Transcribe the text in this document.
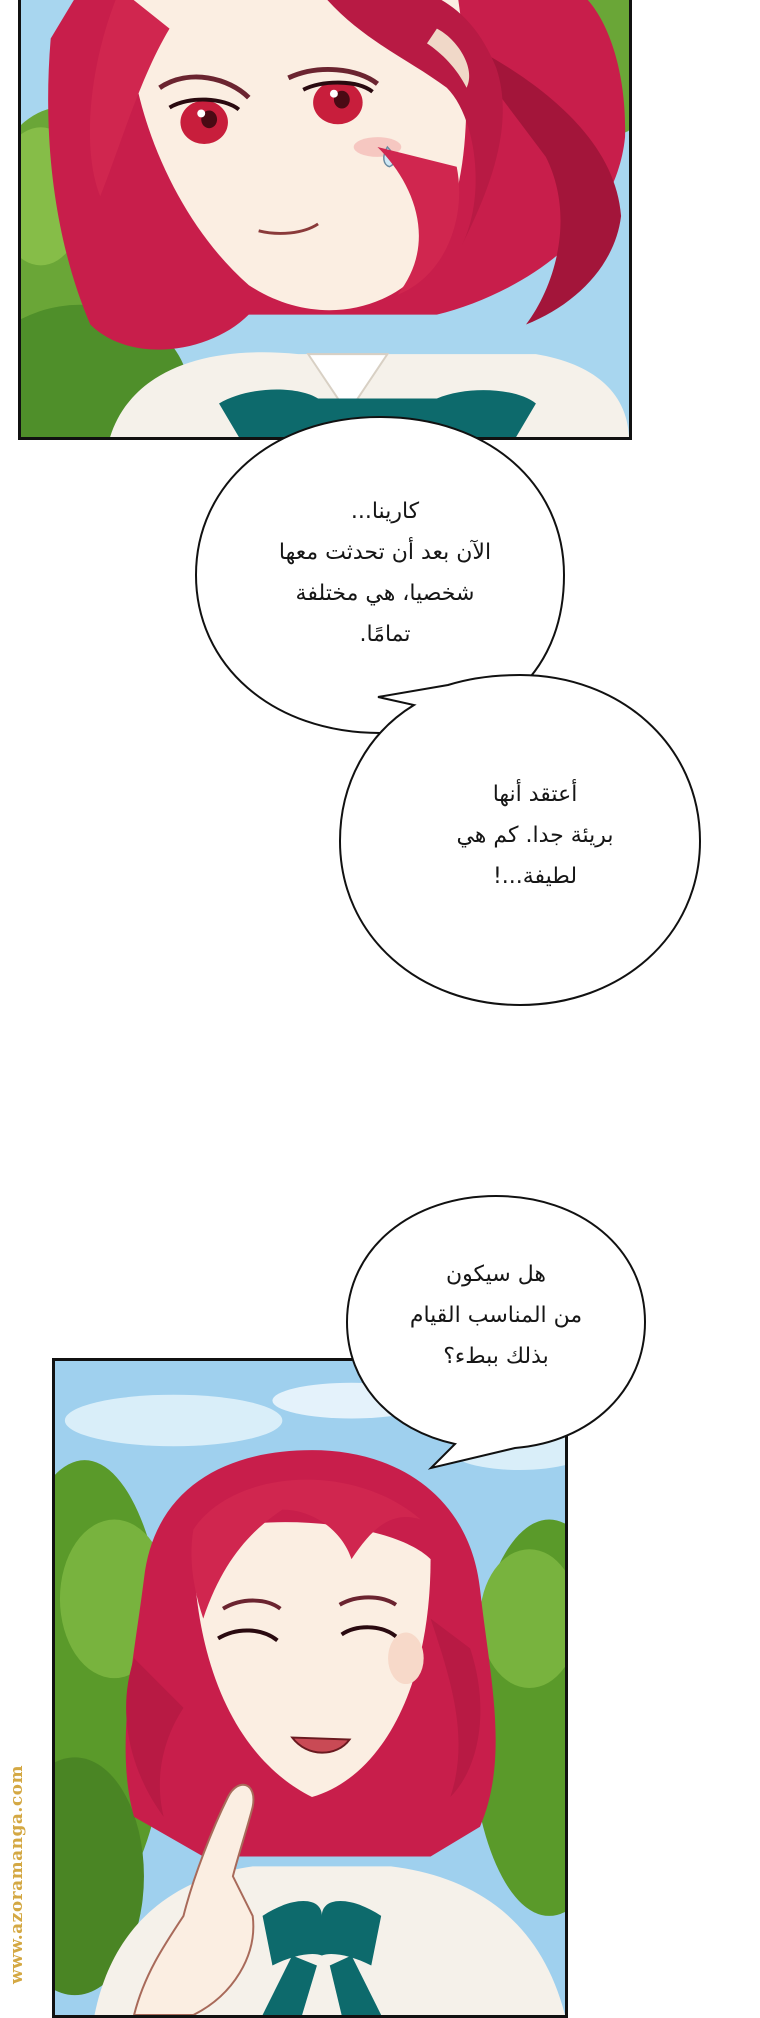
كارينا...
الآن بعد أن تحدثت معها
شخصيا، هي مختلفة
تمامًا.
أعتقد أنها
بريئة جدا. كم هي
لطيفة...!
هل سيكون
من المناسب القيام
بذلك ببطء؟
www.azoramanga.com
